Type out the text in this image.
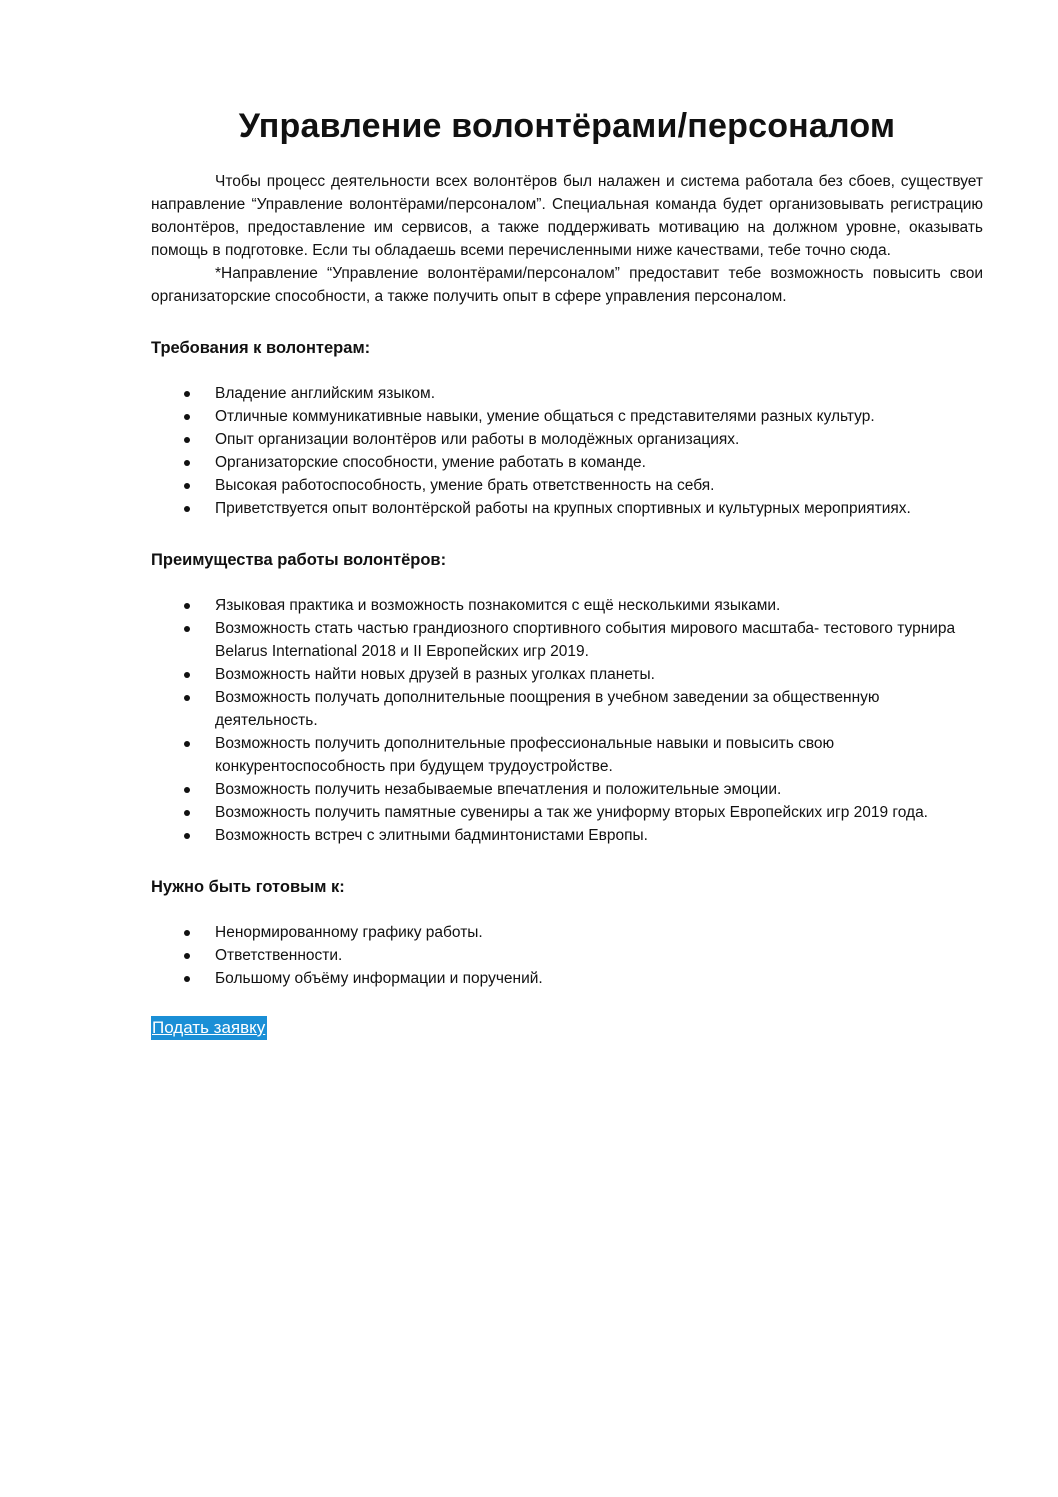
Управление волонтёрами/персоналом

Чтобы процесс деятельности всех волонтёров был налажен и система работала без сбоев, существует направление “Управление волонтёрами/персоналом”. Специальная команда будет организовывать регистрацию волонтёров, предоставление им сервисов, а также поддерживать мотивацию на должном уровне, оказывать помощь в подготовке. Если ты обладаешь всеми перечисленными ниже качествами, тебе точно сюда.

*Направление “Управление волонтёрами/персоналом” предоставит тебе возможность повысить свои организаторские способности, а также получить опыт в сфере управления персоналом.

Требования к волонтерам:
Владение английским языком.
Отличные коммуникативные навыки, умение общаться с представителями разных культур.
Опыт организации волонтёров или работы в молодёжных организациях.
Организаторские способности, умение работать в команде.
Высокая работоспособность, умение брать ответственность на себя.
Приветствуется опыт волонтёрской работы на крупных спортивных и культурных мероприятиях.
Преимущества работы волонтёров:
Языковая практика и возможность познакомится с ещё несколькими языками.
Возможность стать частью грандиозного спортивного события мирового масштаба- тестового турнира Belarus International 2018 и II Европейских игр 2019.
Возможность найти новых друзей в разных уголках планеты.
Возможность получать дополнительные поощрения в учебном заведении за общественную деятельность.
Возможность получить дополнительные профессиональные навыки и повысить свою конкурентоспособность при будущем трудоустройстве.
Возможность получить незабываемые впечатления и положительные эмоции.
Возможность получить памятные сувениры а так же униформу вторых Европейских игр 2019 года.
Возможность встреч с элитными бадминтонистами Европы.
Нужно быть готовым к:
Ненормированному графику работы.
Ответственности.
Большому объёму информации и поручений.
Подать заявку
